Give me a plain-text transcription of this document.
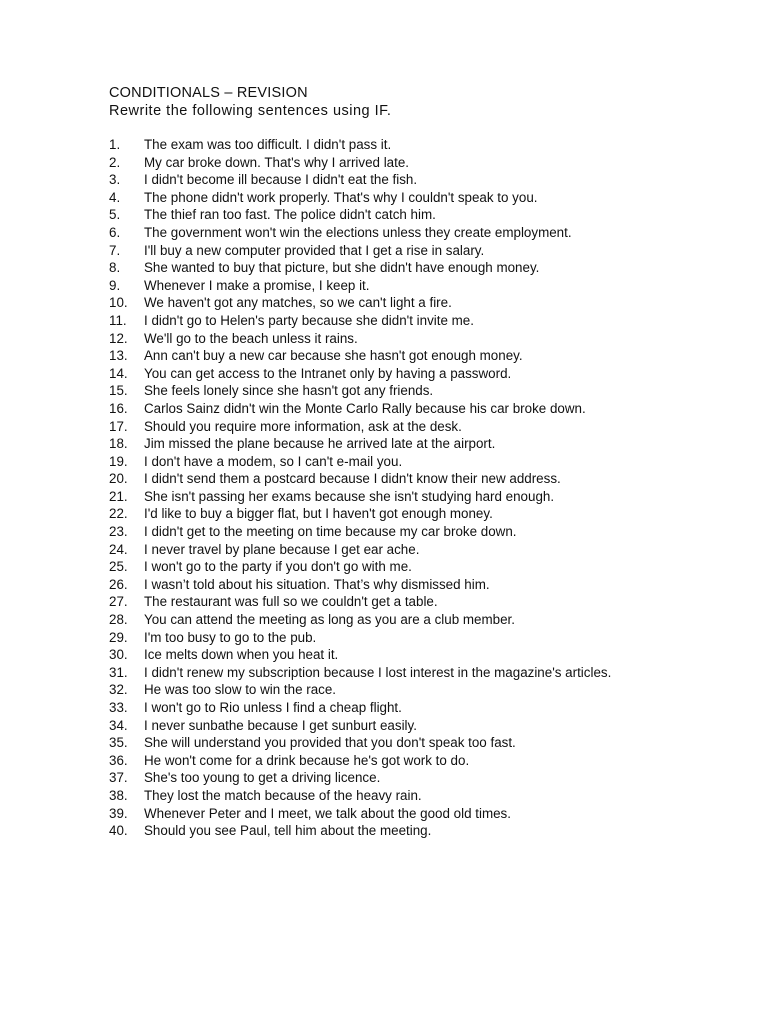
CONDITIONALS – REVISION

Rewrite the following sentences using IF.

1.	The exam was too difficult. I didn't pass it.
2.	My car broke down. That's why I arrived late.
3.	I didn't become ill because I didn't eat the fish.
4.	The phone didn't work properly. That's why I couldn't speak to you.
5.	The thief ran too fast. The police didn't catch him.
6.	The government won't win the elections unless they create employment.
7.	I'll buy a new computer provided that I get a rise in salary.
8.	She wanted to buy that picture, but she didn't have enough money.
9.	Whenever I make a promise, I keep it.
10.	We haven't got any matches, so we can't light a fire.
11.	I didn't go to Helen's party because she didn't invite me.
12.	We'll go to the beach unless it rains.
13.	Ann can't buy a new car because she hasn't got enough money.
14.	You can get access to the Intranet only by having a password.
15.	She feels lonely since she hasn't got any friends.
16.	Carlos Sainz didn't win the Monte Carlo Rally because his car broke down.
17.	Should you require more information, ask at the desk.
18.	Jim missed the plane because he arrived late at the airport.
19.	I don't have a modem, so I can't e-mail you.
20.	I didn't send them a postcard because I didn't know their new address.
21.	She isn't passing her exams because she isn't studying hard enough.
22.	I'd like to buy a bigger flat, but I haven't got enough money.
23.	I didn't get to the meeting on time because my car broke down.
24.	I never travel by plane because I get ear ache.
25.	I won't go to the party if you don't go with me.
26.	I wasn’t told about his situation. That’s why dismissed him.
27.	The restaurant was full so we couldn't get a table.
28.	You can attend the meeting as long as you are a club member.
29.	I'm too busy to go to the pub.
30.	Ice melts down when you heat it.
31.	I didn't renew my subscription because I lost interest in the magazine's articles.
32.	He was too slow to win the race.
33.	I won't go to Rio unless I find a cheap flight.
34.	I never sunbathe because I get sunburt easily.
35.	She will understand you provided that you don't speak too fast.
36.	He won't come for a drink because he's got work to do.
37.	She's too young to get a driving licence.
38.	They lost the match because of the heavy rain.
39.	Whenever Peter and I meet, we talk about the good old times.
40.	Should you see Paul, tell him about the meeting.
